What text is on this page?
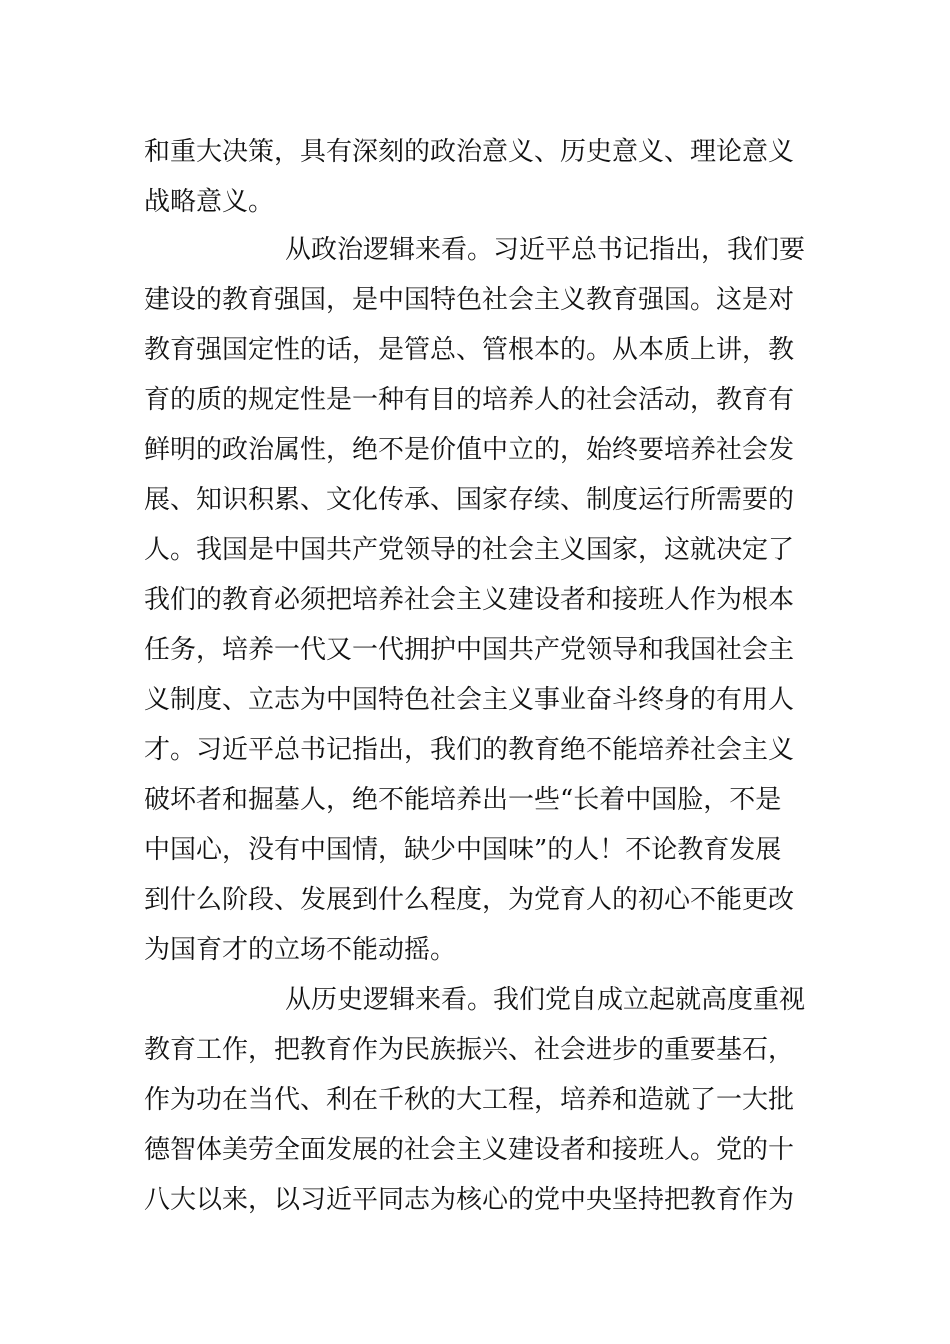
和重大决策，具有深刻的政治意义、历史意义、理论意义
战略意义。
从政治逻辑来看。习近平总书记指出，我们要
建设的教育强国，是中国特色社会主义教育强国。这是对
教育强国定性的话，是管总、管根本的。从本质上讲，教
育的质的规定性是一种有目的培养人的社会活动，教育有
鲜明的政治属性，绝不是价值中立的，始终要培养社会发
展、知识积累、文化传承、国家存续、制度运行所需要的
人。我国是中国共产党领导的社会主义国家，这就决定了
我们的教育必须把培养社会主义建设者和接班人作为根本
任务，培养一代又一代拥护中国共产党领导和我国社会主
义制度、立志为中国特色社会主义事业奋斗终身的有用人
才。习近平总书记指出，我们的教育绝不能培养社会主义
破坏者和掘墓人，绝不能培养出一些“长着中国脸，不是
中国心，没有中国情，缺少中国味”的人！不论教育发展
到什么阶段、发展到什么程度，为党育人的初心不能更改
为国育才的立场不能动摇。
从历史逻辑来看。我们党自成立起就高度重视
教育工作，把教育作为民族振兴、社会进步的重要基石，
作为功在当代、利在千秋的大工程，培养和造就了一大批
德智体美劳全面发展的社会主义建设者和接班人。党的十
八大以来，以习近平同志为核心的党中央坚持把教育作为
